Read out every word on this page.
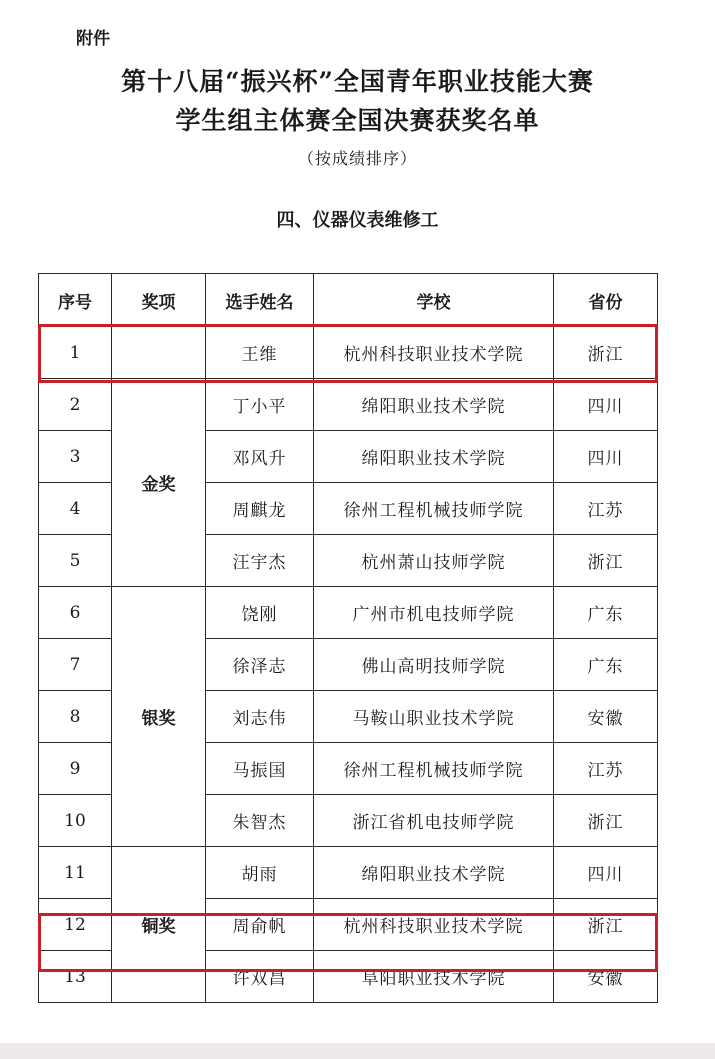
附件
第十八届“振兴杯”全国青年职业技能大赛
学生组主体赛全国决赛获奖名单
（按成绩排序）
四、仪器仪表维修工
序号	奖项	选手姓名	学校	省份
1		王维	杭州科技职业技术学院	浙江
2	金奖	丁小平	绵阳职业技术学院	四川
3		邓风升	绵阳职业技术学院	四川
4		周麒龙	徐州工程机械技师学院	江苏
5		汪宇杰	杭州萧山技师学院	浙江
6	银奖	饶刚	广州市机电技师学院	广东
7		徐泽志	佛山高明技师学院	广东
8		刘志伟	马鞍山职业技术学院	安徽
9		马振国	徐州工程机械技师学院	江苏
10		朱智杰	浙江省机电技师学院	浙江
11	铜奖	胡雨	绵阳职业技术学院	四川
12		周俞帆	杭州科技职业技术学院	浙江
13		许双昌	阜阳职业技术学院	安徽
